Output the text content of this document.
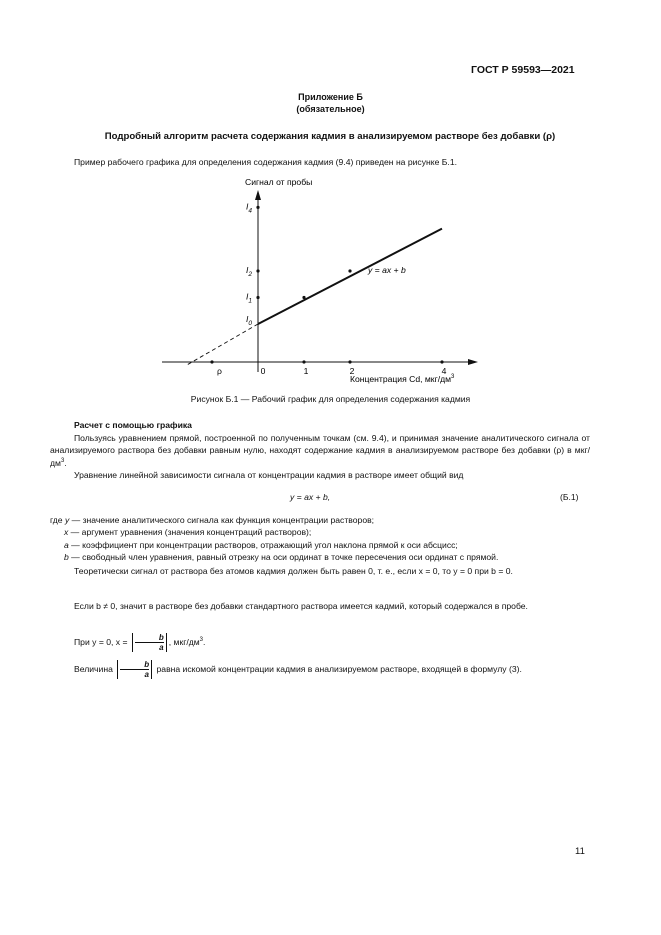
ГОСТ Р 59593—2021
Приложение Б
(обязательное)
Подробный алгоритм расчета содержания кадмия в анализируемом растворе без добавки (ρ)
Пример рабочего графика для определения содержания кадмия (9.4) приведен на рисунке Б.1.
Сигнал от пробы
Концентрация Cd, мкг/$дм^3$
y = ax + b
0	1	2	4
ρ
$I_4$
$I_2$
$I_1$
$I_0$
Рисунок Б.1 — Рабочий график для определения содержания кадмия
Расчет с помощью графика
Пользуясь уравнением прямой, построенной по полученным точкам (см. 9.4), и принимая значение аналитического сигнала от анализируемого раствора без добавки равным нулю, находят содержание кадмия в анализируемом растворе без добавки (ρ) в мкг/$дм^3$.
Уравнение линейной зависимости сигнала от концентрации кадмия в растворе имеет общий вид
y = ax + b,	(Б.1)
где y — значение аналитического сигнала как функция концентрации растворов;
x — аргумент уравнения (значения концентраций растворов);
a — коэффициент при концентрации растворов, отражающий угол наклона прямой к оси абсцисс;
b — свободный член уравнения, равный отрезку на оси ординат в точке пересечения оси ординат с прямой.
Теоретически сигнал от раствора без атомов кадмия должен быть равен 0, т. е., если x = 0, то y = 0 при b = 0.
Если b ≠ 0, значит в растворе без добавки стандартного раствора имеется кадмий, который содержался в пробе.
При y = 0, $x = \frac{b}{a}$ , мкг/$дм^3$.
Величина $\frac{b}{a}$ равна искомой концентрации кадмия в анализируемом растворе, входящей в формулу (3).
11
